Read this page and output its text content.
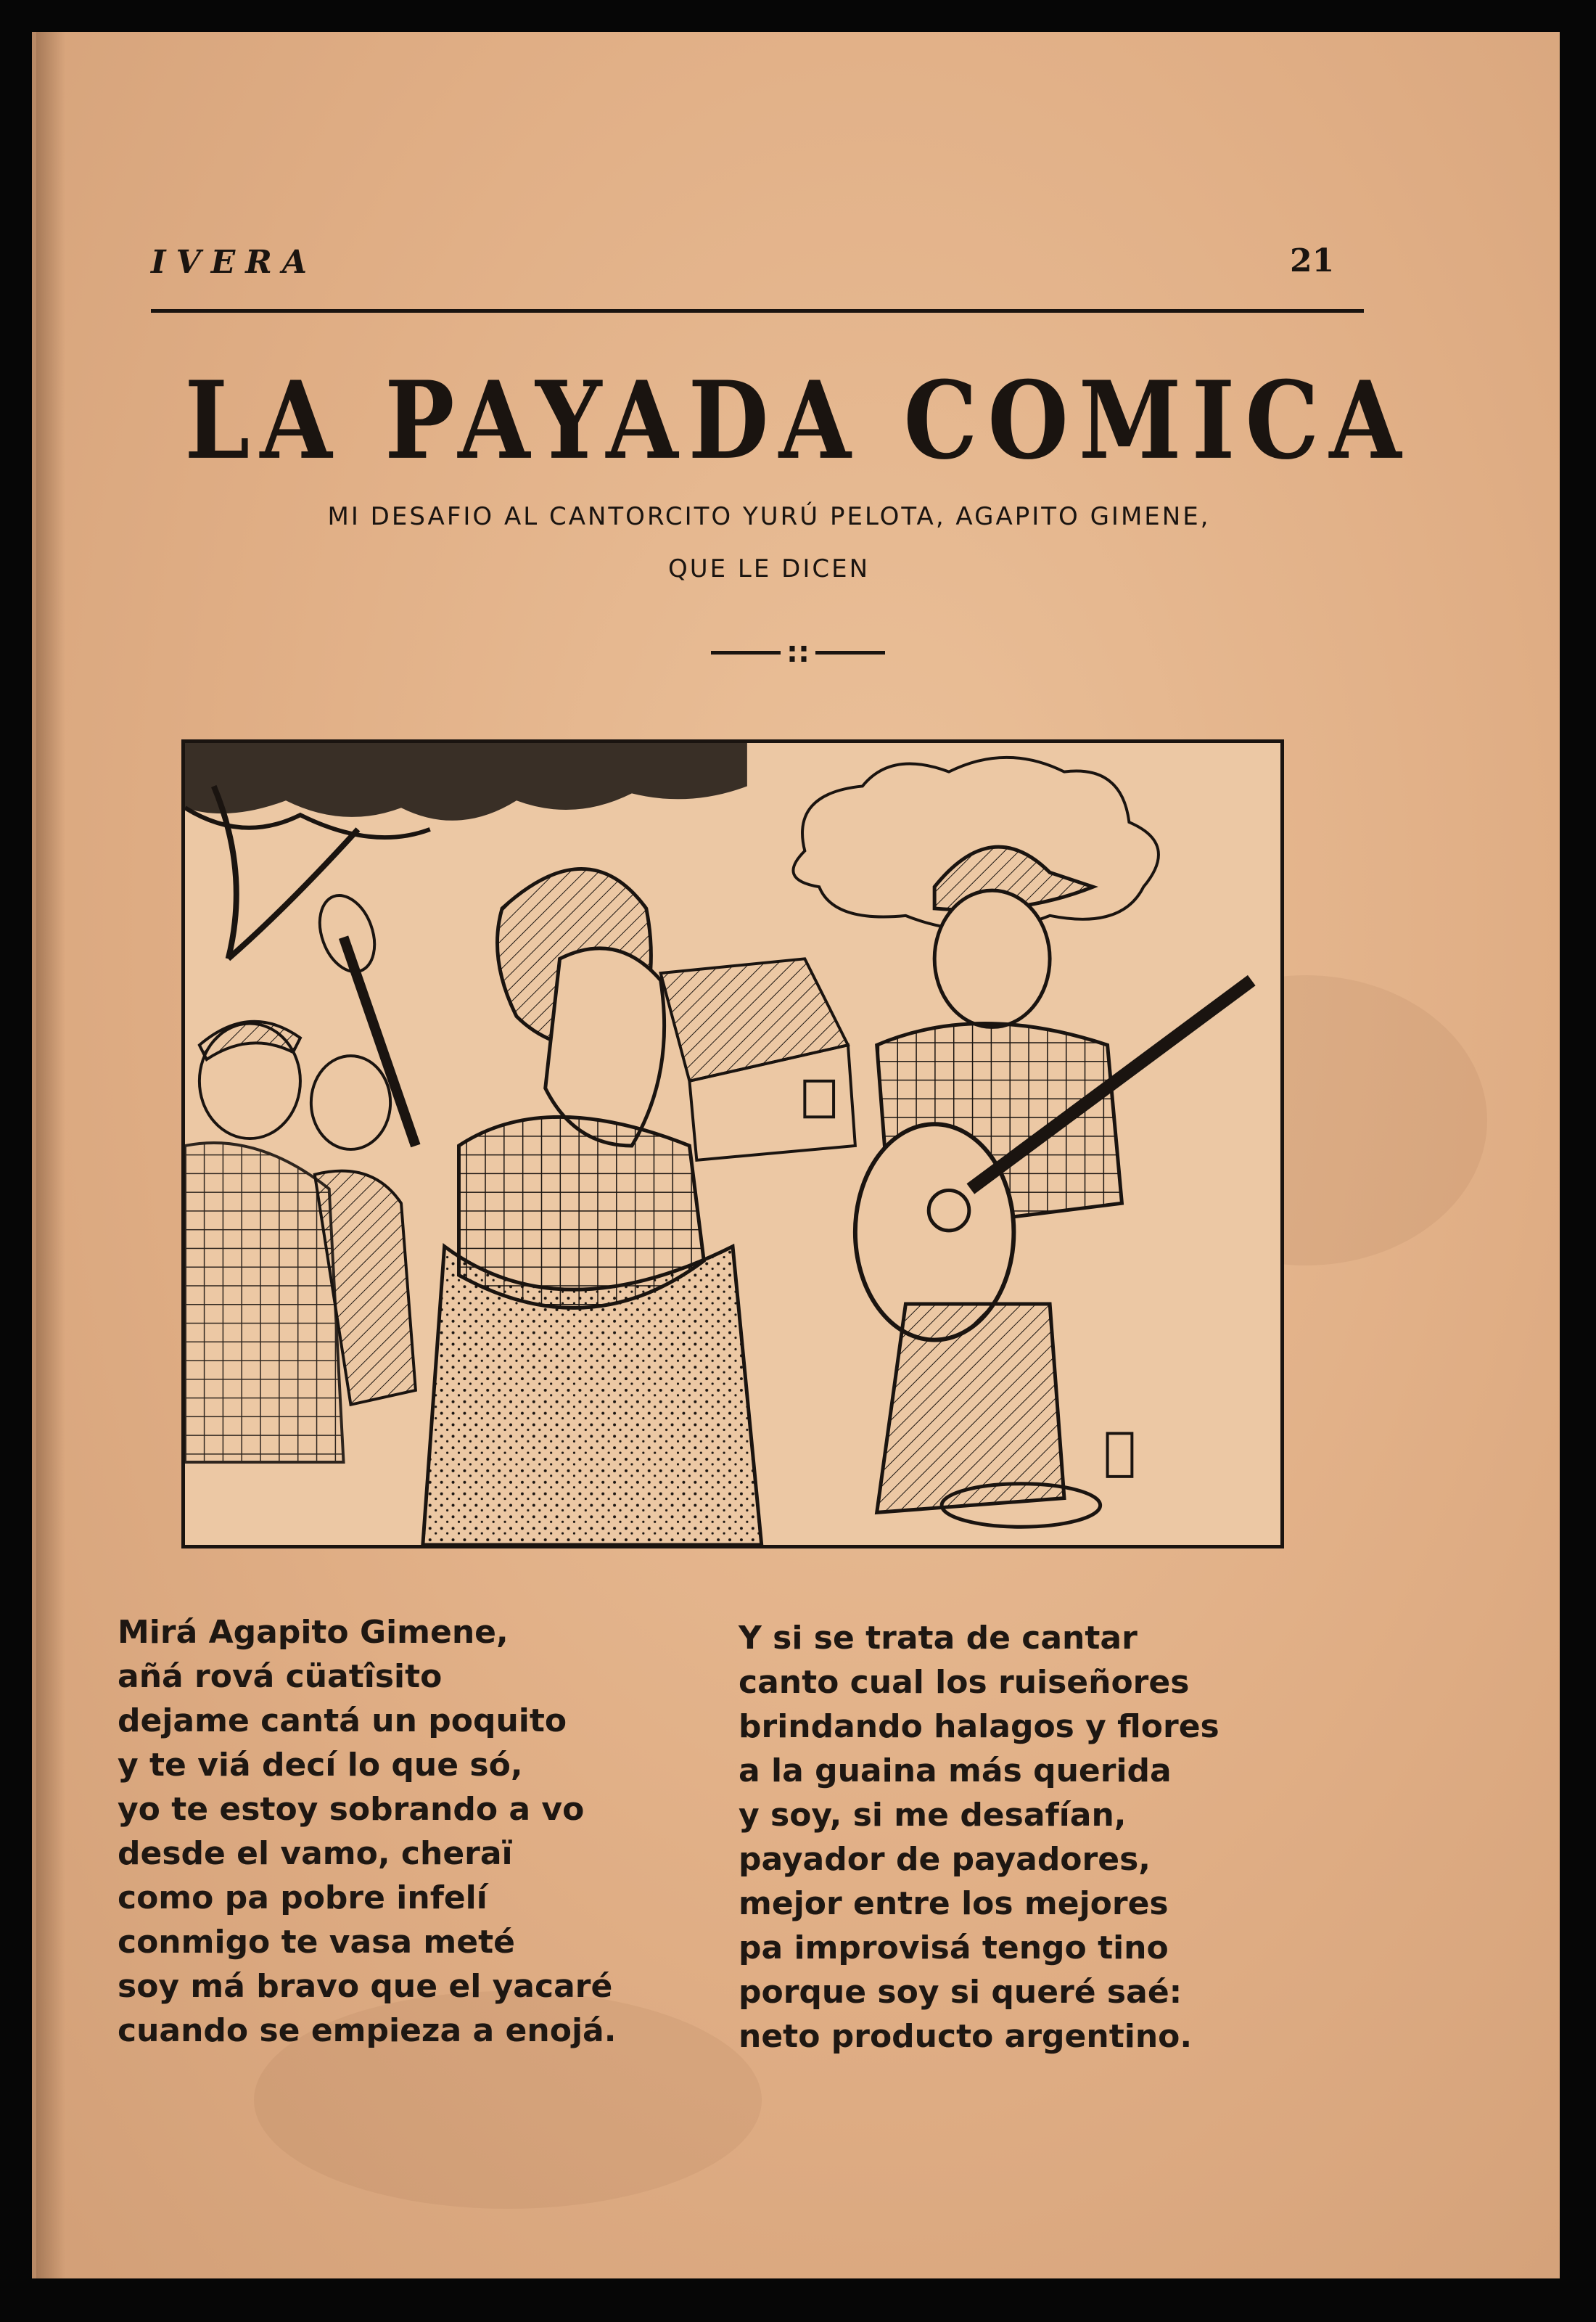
IVERA	21
LA PAYADA COMICA
MI DESAFIO AL CANTORCITO YURÚ PELOTA, AGAPITO GIMENE,
QUE LE DICEN
::
Mirá Agapito Gimene,
añá rová cüatîsito
dejame cantá un poquito
y te viá decí lo que só,
yo te estoy sobrando a vo
desde el vamo, cheraï
como pa pobre infelí
conmigo te vasa meté
soy má bravo que el yacaré
cuando se empieza a enojá.
Y si se trata de cantar
canto cual los ruiseñores
brindando halagos y flores
a la guaina más querida
y soy, si me desafían,
payador de payadores,
mejor entre los mejores
pa improvisá tengo tino
porque soy si queré saé:
neto producto argentino.
